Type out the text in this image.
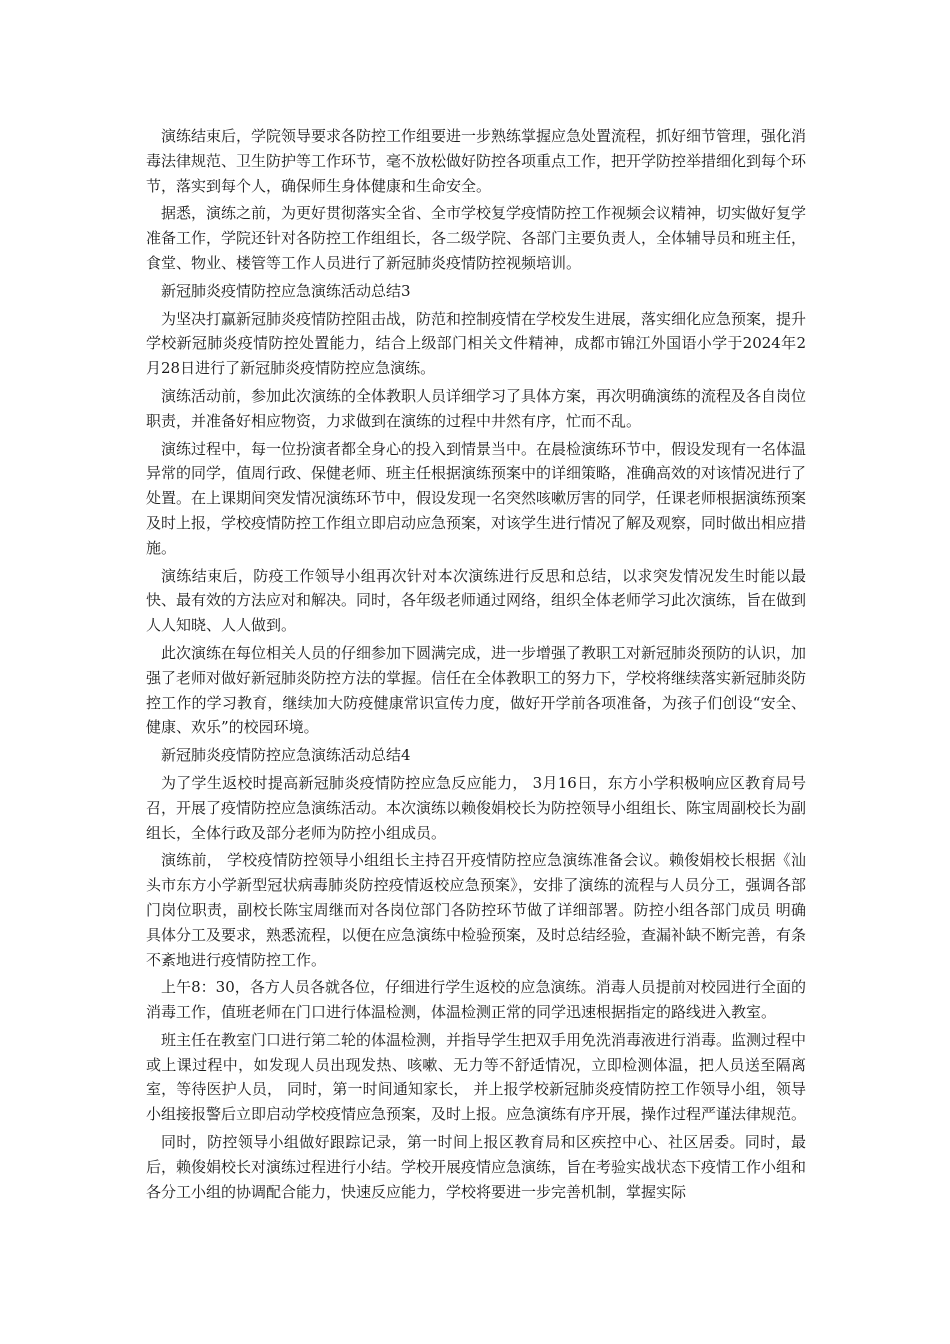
演练结束后，学院领导要求各防控工作组要进一步熟练掌握应急处置流程，抓好细节管理，强化消毒法律规范、卫生防护等工作环节，毫不放松做好防控各项重点工作，把开学防控举措细化到每个环节，落实到每个人，确保师生身体健康和生命安全。

据悉，演练之前，为更好贯彻落实全省、全市学校复学疫情防控工作视频会议精神，切实做好复学准备工作，学院还针对各防控工作组组长，各二级学院、各部门主要负责人，全体辅导员和班主任，食堂、物业、楼管等工作人员进行了新冠肺炎疫情防控视频培训。

新冠肺炎疫情防控应急演练活动总结3

为坚决打赢新冠肺炎疫情防控阻击战，防范和控制疫情在学校发生进展，落实细化应急预案，提升学校新冠肺炎疫情防控处置能力，结合上级部门相关文件精神，成都市锦江外国语小学于2024年2月28日进行了新冠肺炎疫情防控应急演练。

演练活动前，参加此次演练的全体教职人员详细学习了具体方案，再次明确演练的流程及各自岗位职责，并准备好相应物资，力求做到在演练的过程中井然有序，忙而不乱。

演练过程中，每一位扮演者都全身心的投入到情景当中。在晨检演练环节中，假设发现有一名体温异常的同学，值周行政、保健老师、班主任根据演练预案中的详细策略，准确高效的对该情况进行了处置。在上课期间突发情况演练环节中，假设发现一名突然咳嗽厉害的同学，任课老师根据演练预案及时上报，学校疫情防控工作组立即启动应急预案，对该学生进行情况了解及观察，同时做出相应措施。

演练结束后，防疫工作领导小组再次针对本次演练进行反思和总结，以求突发情况发生时能以最快、最有效的方法应对和解决。同时，各年级老师通过网络，组织全体老师学习此次演练，旨在做到人人知晓、人人做到。

此次演练在每位相关人员的仔细参加下圆满完成，进一步增强了教职工对新冠肺炎预防的认识，加强了老师对做好新冠肺炎防控方法的掌握。信任在全体教职工的努力下，学校将继续落实新冠肺炎防控工作的学习教育，继续加大防疫健康常识宣传力度，做好开学前各项准备，为孩子们创设“安全、健康、欢乐”的校园环境。

新冠肺炎疫情防控应急演练活动总结4

为了学生返校时提高新冠肺炎疫情防控应急反应能力， 3月16日，东方小学积极响应区教育局号召，开展了疫情防控应急演练活动。本次演练以赖俊娟校长为防控领导小组组长、陈宝周副校长为副组长，全体行政及部分老师为防控小组成员。

演练前， 学校疫情防控领导小组组长主持召开疫情防控应急演练准备会议。赖俊娟校长根据《汕头市东方小学新型冠状病毒肺炎防控疫情返校应急预案》，安排了演练的流程与人员分工，强调各部门岗位职责，副校长陈宝周继而对各岗位部门各防控环节做了详细部署。防控小组各部门成员 明确具体分工及要求，熟悉流程，以便在应急演练中检验预案，及时总结经验，查漏补缺不断完善，有条不紊地进行疫情防控工作。

上午8：30，各方人员各就各位，仔细进行学生返校的应急演练。消毒人员提前对校园进行全面的消毒工作，值班老师在门口进行体温检测，体温检测正常的同学迅速根据指定的路线进入教室。

班主任在教室门口进行第二轮的体温检测，并指导学生把双手用免洗消毒液进行消毒。监测过程中或上课过程中，如发现人员出现发热、咳嗽、无力等不舒适情况，立即检测体温，把人员送至隔离室，等待医护人员， 同时，第一时间通知家长， 并上报学校新冠肺炎疫情防控工作领导小组，领导小组接报警后立即启动学校疫情应急预案，及时上报。应急演练有序开展，操作过程严谨法律规范。

同时，防控领导小组做好跟踪记录，第一时间上报区教育局和区疾控中心、社区居委。同时，最后，赖俊娟校长对演练过程进行小结。学校开展疫情应急演练，旨在考验实战状态下疫情工作小组和各分工小组的协调配合能力，快速反应能力，学校将要进一步完善机制，掌握实际
